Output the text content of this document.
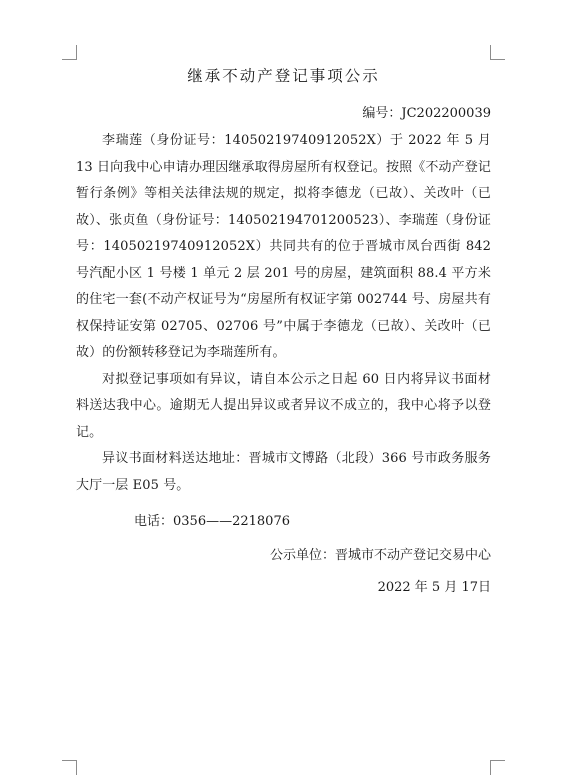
继承不动产登记事项公示
编号：JC202200039

李瑞莲（身份证号：14050219740912052X）于 2022 年 5 月 13 日向我中心申请办理因继承取得房屋所有权登记。按照《不动产登记暂行条例》等相关法律法规的规定，拟将李德龙（已故）、关改叶（已故）、张贞鱼（身份证号：140502194701200523）、李瑞莲（身份证号：14050219740912052X）共同共有的位于晋城市凤台西街 842 号汽配小区 1 号楼 1 单元 2 层 201 号的房屋，建筑面积 88.4 平方米的住宅一套(不动产权证号为“房屋所有权证字第 002744 号、房屋共有权保持证安第 02705、02706 号”中属于李德龙（已故）、关改叶（已故）的份额转移登记为李瑞莲所有。

对拟登记事项如有异议，请自本公示之日起 60 日内将异议书面材料送达我中心。逾期无人提出异议或者异议不成立的，我中心将予以登记。

异议书面材料送达地址：晋城市文博路（北段）366 号市政务服务大厅一层 E05 号。

电话：0356——2218076
公示单位：晋城市不动产登记交易中心
2022 年 5 月 17日
